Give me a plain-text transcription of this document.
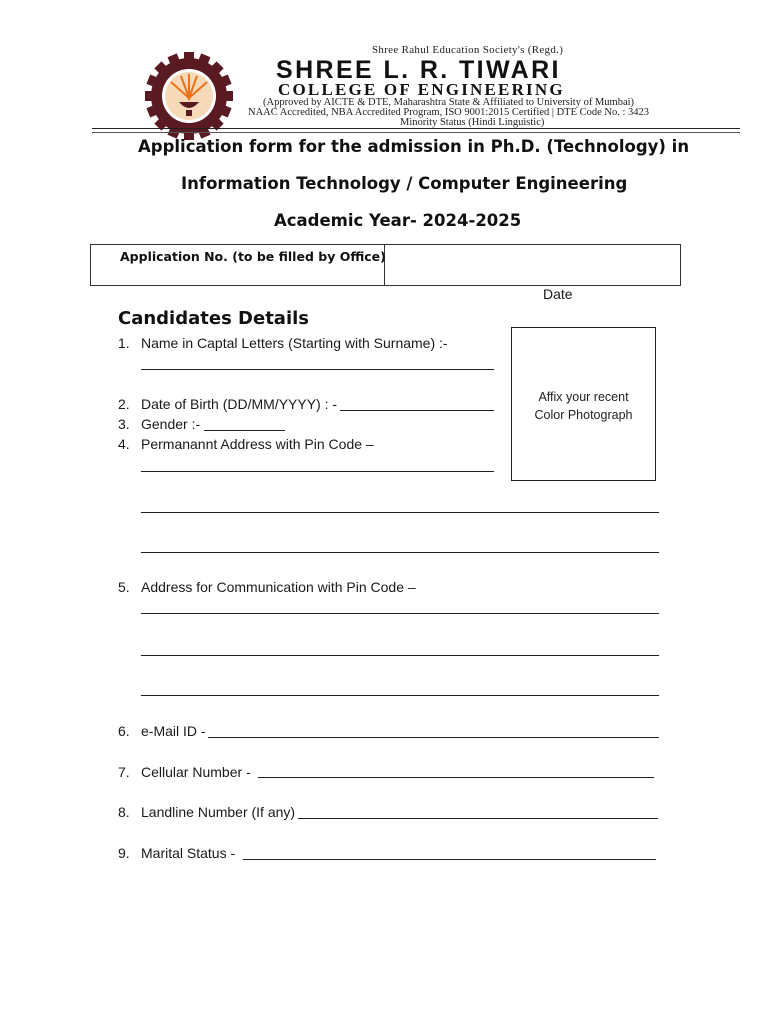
Shree Rahul Education Society's (Regd.)
SHREE L. R. TIWARI
COLLEGE OF ENGINEERING
(Approved by AICTE & DTE, Maharashtra State & Affiliated to University of Mumbai)
NAAC Accredited, NBA Accredited Program, ISO 9001:2015 Certified | DTE Code No. : 3423
Minority Status (Hindi Linguistic)
Application form for the admission in Ph.D. (Technology) in
Information Technology / Computer Engineering
Academic Year- 2024-2025
Application No. (to be filled by Office)
Date
Candidates Details
Affix your recent
Color Photograph
1. Name in Captal Letters (Starting with Surname) :-
2. Date of Birth (DD/MM/YYYY) : -
3. Gender :-
4. Permanannt Address with Pin Code –
5. Address for Communication with Pin Code –
6. e-Mail ID -
7. Cellular Number -
8. Landline Number (If any)
9. Marital Status -
